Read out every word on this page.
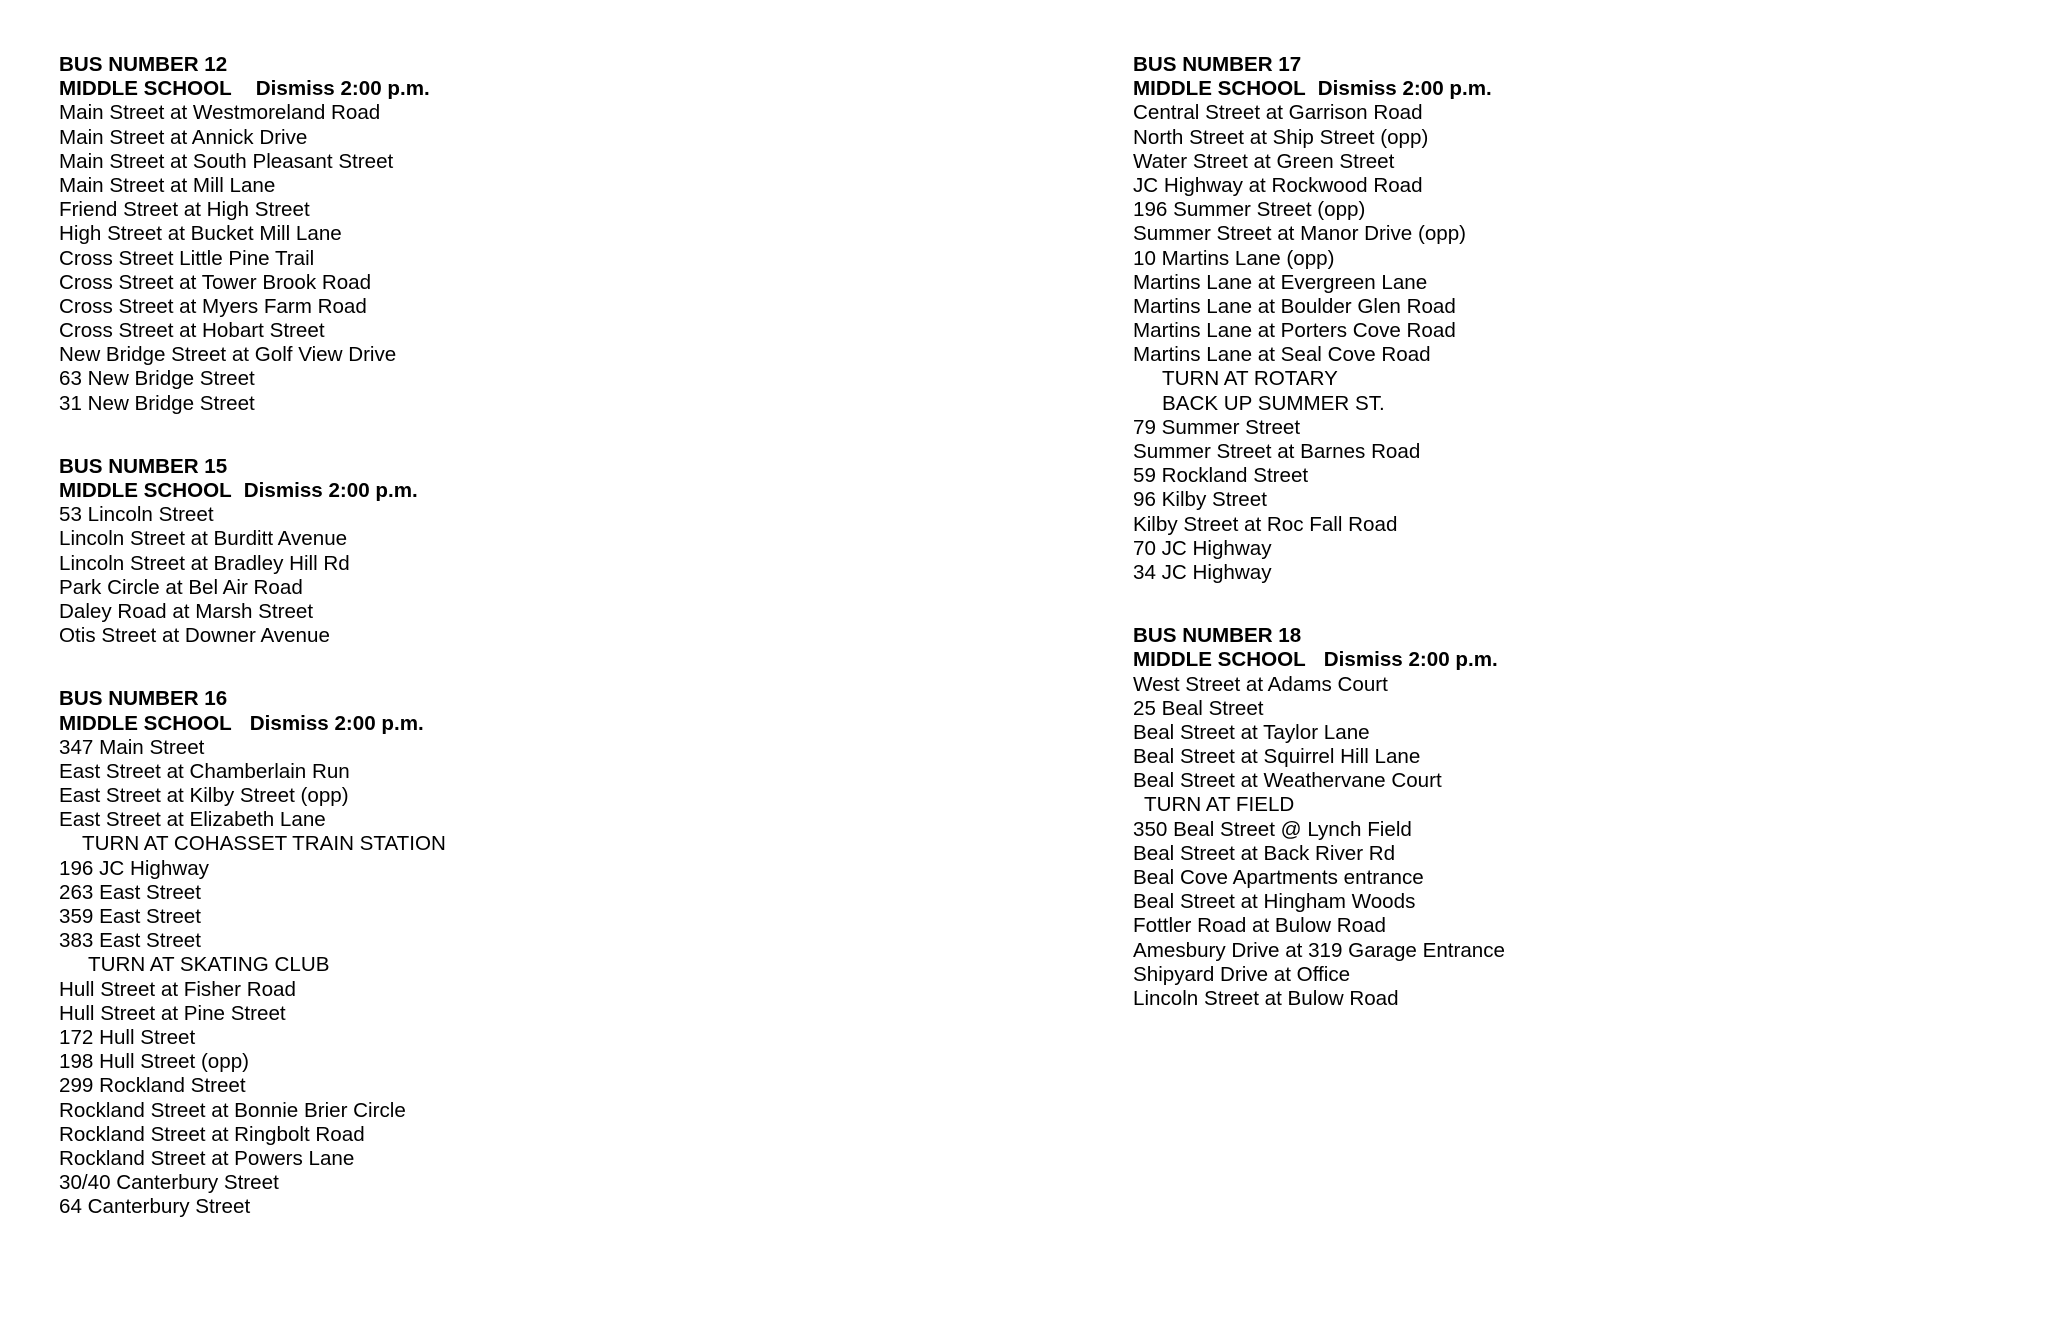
BUS NUMBER 12
MIDDLE SCHOOL Dismiss 2:00 p.m.
Main Street at Westmoreland Road
Main Street at Annick Drive
Main Street at South Pleasant Street
Main Street at Mill Lane
Friend Street at High Street
High Street at Bucket Mill Lane
Cross Street Little Pine Trail
Cross Street at Tower Brook Road
Cross Street at Myers Farm Road
Cross Street at Hobart Street
New Bridge Street at Golf View Drive
63 New Bridge Street
31 New Bridge Street
BUS NUMBER 15
MIDDLE SCHOOL Dismiss 2:00 p.m.
53 Lincoln Street
Lincoln Street at Burditt Avenue
Lincoln Street at Bradley Hill Rd
Park Circle at Bel Air Road
Daley Road at Marsh Street
Otis Street at Downer Avenue
BUS NUMBER 16
MIDDLE SCHOOL Dismiss 2:00 p.m.
347 Main Street
East Street at Chamberlain Run
East Street at Kilby Street (opp)
East Street at Elizabeth Lane
TURN AT COHASSET TRAIN STATION
196 JC Highway
263 East Street
359 East Street
383 East Street
TURN AT SKATING CLUB
Hull Street at Fisher Road
Hull Street at Pine Street
172 Hull Street
198 Hull Street (opp)
299 Rockland Street
Rockland Street at Bonnie Brier Circle
Rockland Street at Ringbolt Road
Rockland Street at Powers Lane
30/40 Canterbury Street
64 Canterbury Street
BUS NUMBER 17
MIDDLE SCHOOL Dismiss 2:00 p.m.
Central Street at Garrison Road
North Street at Ship Street (opp)
Water Street at Green Street
JC Highway at Rockwood Road
196 Summer Street (opp)
Summer Street at Manor Drive (opp)
10 Martins Lane (opp)
Martins Lane at Evergreen Lane
Martins Lane at Boulder Glen Road
Martins Lane at Porters Cove Road
Martins Lane at Seal Cove Road
TURN AT ROTARY
BACK UP SUMMER ST.
79 Summer Street
Summer Street at Barnes Road
59 Rockland Street
96 Kilby Street
Kilby Street at Roc Fall Road
70 JC Highway
34 JC Highway
BUS NUMBER 18
MIDDLE SCHOOL Dismiss 2:00 p.m.
West Street at Adams Court
25 Beal Street
Beal Street at Taylor Lane
Beal Street at Squirrel Hill Lane
Beal Street at Weathervane Court
TURN AT FIELD
350 Beal Street @ Lynch Field
Beal Street at Back River Rd
Beal Cove Apartments entrance
Beal Street at Hingham Woods
Fottler Road at Bulow Road
Amesbury Drive at 319 Garage Entrance
Shipyard Drive at Office
Lincoln Street at Bulow Road
